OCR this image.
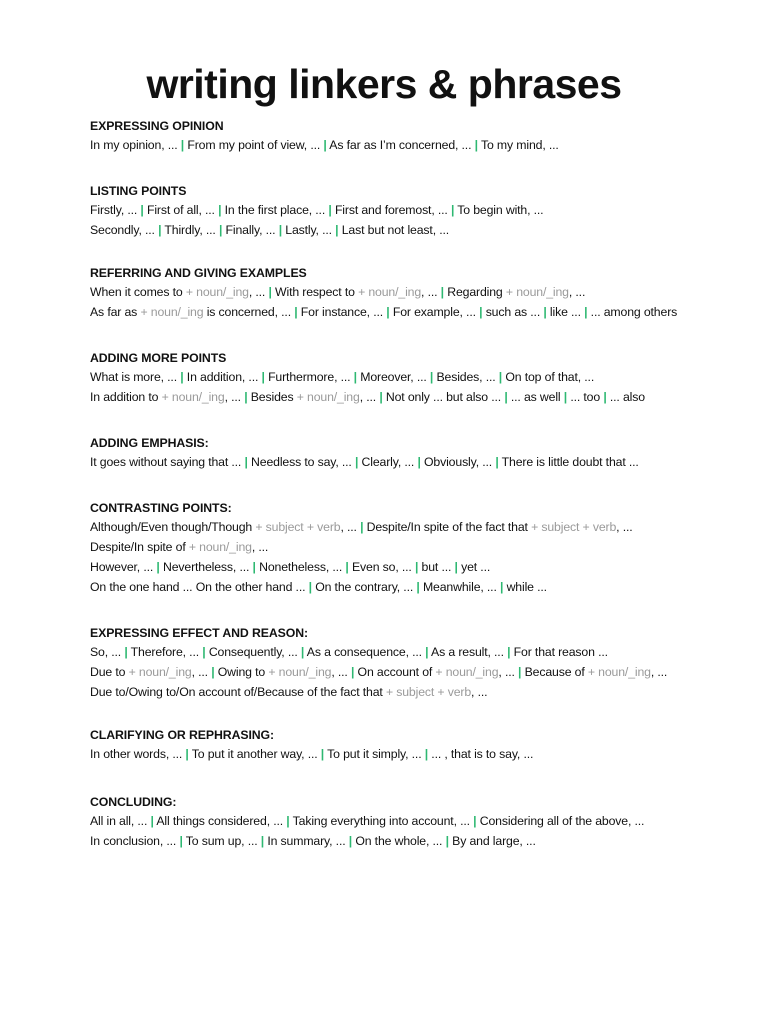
writing linkers & phrases
EXPRESSING OPINION
In my opinion, ... | From my point of view, ... | As far as I’m concerned, ... | To my mind, ...
LISTING POINTS
Firstly, ... | First of all, ... | In the first place, ... | First and foremost, ... | To begin with, ...
Secondly, ... | Thirdly, ... | Finally, ... | Lastly, ... | Last but not least, ...
REFERRING AND GIVING EXAMPLES
When it comes to + noun/_ing, ... | With respect to + noun/_ing, ... | Regarding + noun/_ing, ...
As far as + noun/_ing is concerned, ... | For instance, ... | For example, ... | such as ... | like ... | ... among others
ADDING MORE POINTS
What is more, ... | In addition, ... | Furthermore, ... | Moreover, ... | Besides, ... | On top of that, ...
In addition to + noun/_ing, ... | Besides + noun/_ing, ... | Not only ... but also ... | ... as well | ... too | ... also
ADDING EMPHASIS:
It goes without saying that ... | Needless to say, ... | Clearly, ... | Obviously, ... | There is little doubt that ...
CONTRASTING POINTS:
Although/Even though/Though + subject + verb, ... | Despite/In spite of the fact that + subject + verb, ...
Despite/In spite of + noun/_ing, ...
However, ... | Nevertheless, ... | Nonetheless, ... | Even so, ... | but ... | yet ...
On the one hand ... On the other hand ... | On the contrary, ... | Meanwhile, ... | while ...
EXPRESSING EFFECT AND REASON:
So, ... | Therefore, ... | Consequently, ... | As a consequence, ... | As a result, ... | For that reason ...
Due to + noun/_ing, ... | Owing to + noun/_ing, ... | On account of + noun/_ing, ... | Because of + noun/_ing, ...
Due to/Owing to/On account of/Because of the fact that + subject + verb, ...
CLARIFYING OR REPHRASING:
In other words, ... | To put it another way, ... | To put it simply, ... | ... , that is to say, ...
CONCLUDING:
All in all, ... | All things considered, ... | Taking everything into account, ... | Considering all of the above, ...
In conclusion, ... | To sum up, ... | In summary, ... | On the whole, ... | By and large, ...
